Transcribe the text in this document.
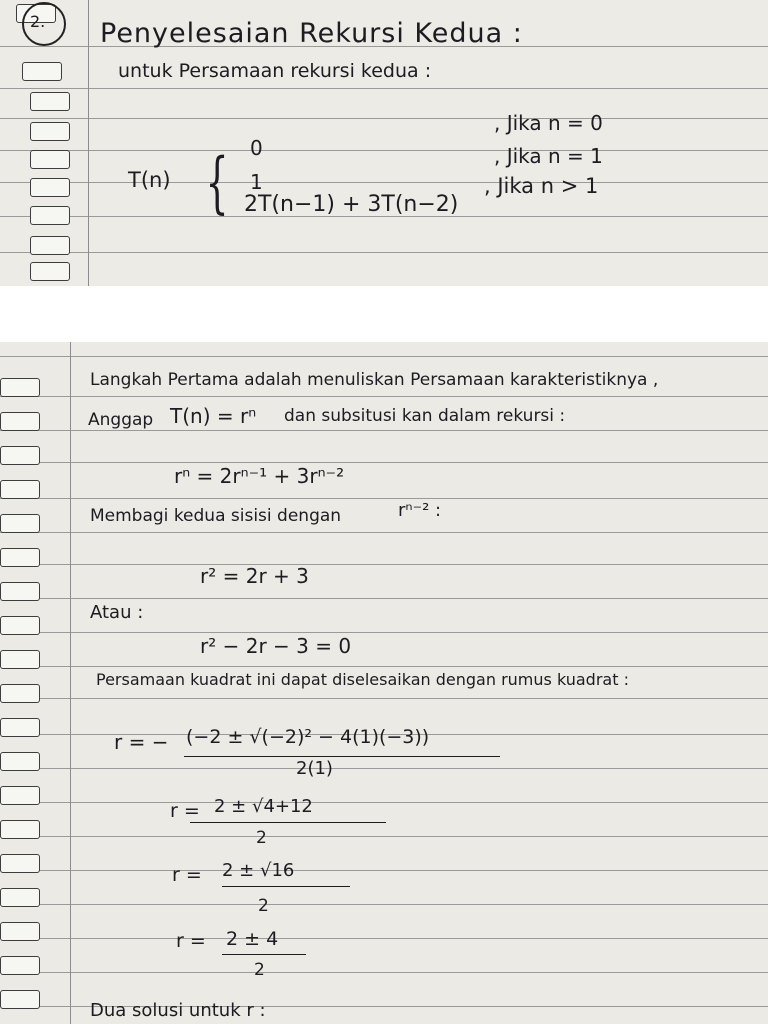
2. Penyelesaian Rekursi Kedua :
untuk Persamaan rekursi kedua :
T(n) { 0
, Jika n = 0
1
, Jika n = 1
2T(n−1) + 3T(n−2)
, Jika n > 1
Langkah Pertama adalah menuliskan Persamaan karakteristiknya ,
Anggap T(n) = rⁿ dan subsitusi kan dalam rekursi :
rⁿ = 2rⁿ⁻¹ + 3rⁿ⁻²
Membagi kedua sisisi dengan	rⁿ⁻² :
r² = 2r + 3
Atau :
r² − 2r − 3 = 0
Persamaan kuadrat ini dapat diselesaikan dengan rumus kuadrat :
r = − (−2 ± √(−2)² − 4(1)(−3))
2(1)
r = 2 ± √4+12
2
r = 2 ± √16
2
r = 2 ± 4
2
Dua solusi untuk r :
